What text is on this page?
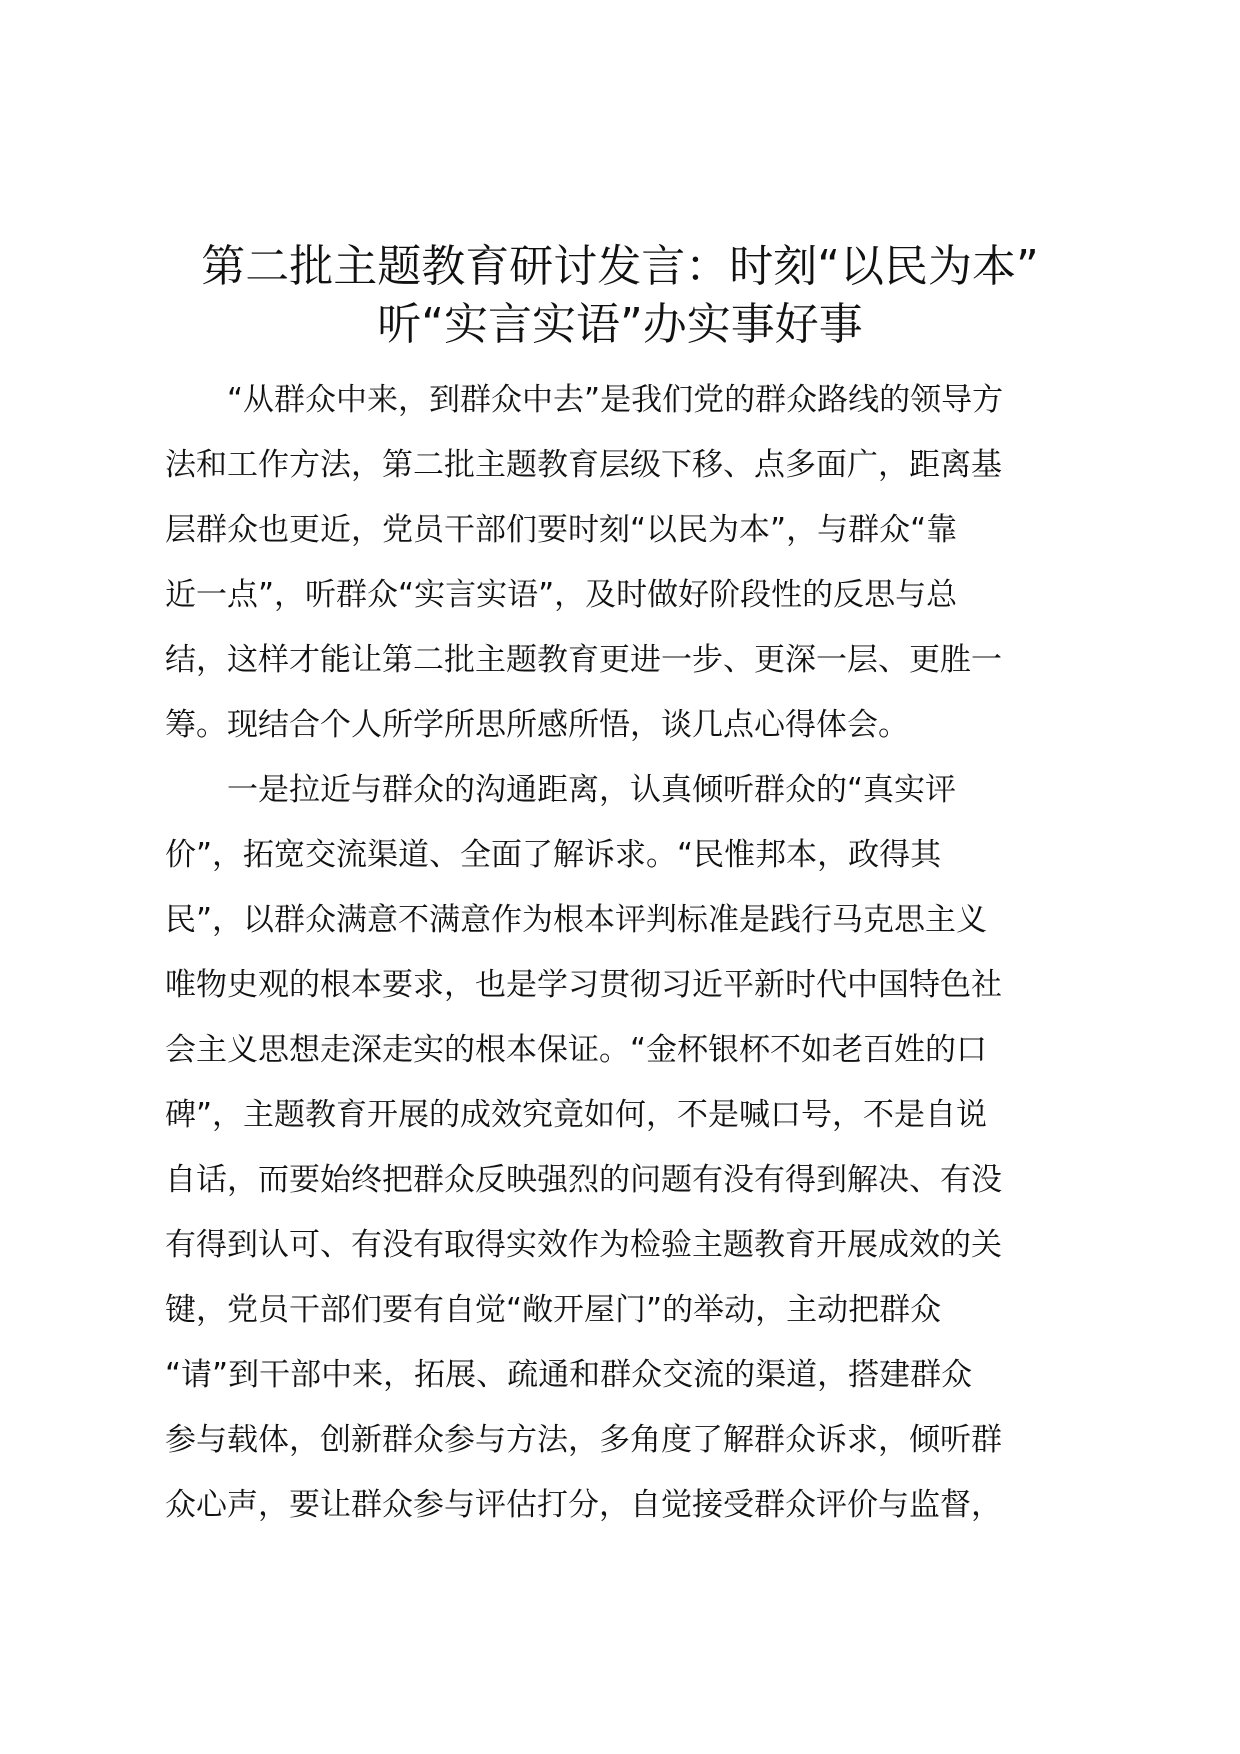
第二批主题教育研讨发言：时刻“以民为本”
听“实言实语”办实事好事
　　“从群众中来，到群众中去”是我们党的群众路线的领导方
法和工作方法，第二批主题教育层级下移、点多面广，距离基
层群众也更近，党员干部们要时刻“以民为本”，与群众“靠
近一点”，听群众“实言实语”，及时做好阶段性的反思与总
结，这样才能让第二批主题教育更进一步、更深一层、更胜一
筹。现结合个人所学所思所感所悟，谈几点心得体会。
　　一是拉近与群众的沟通距离，认真倾听群众的“真实评
价”，拓宽交流渠道、全面了解诉求。“民惟邦本，政得其
民”，以群众满意不满意作为根本评判标准是践行马克思主义
唯物史观的根本要求，也是学习贯彻习近平新时代中国特色社
会主义思想走深走实的根本保证。“金杯银杯不如老百姓的口
碑”，主题教育开展的成效究竟如何，不是喊口号，不是自说
自话，而要始终把群众反映强烈的问题有没有得到解决、有没
有得到认可、有没有取得实效作为检验主题教育开展成效的关
键，党员干部们要有自觉“敞开屋门”的举动，主动把群众
“请”到干部中来，拓展、疏通和群众交流的渠道，搭建群众
参与载体，创新群众参与方法，多角度了解群众诉求，倾听群
众心声，要让群众参与评估打分，自觉接受群众评价与监督，
